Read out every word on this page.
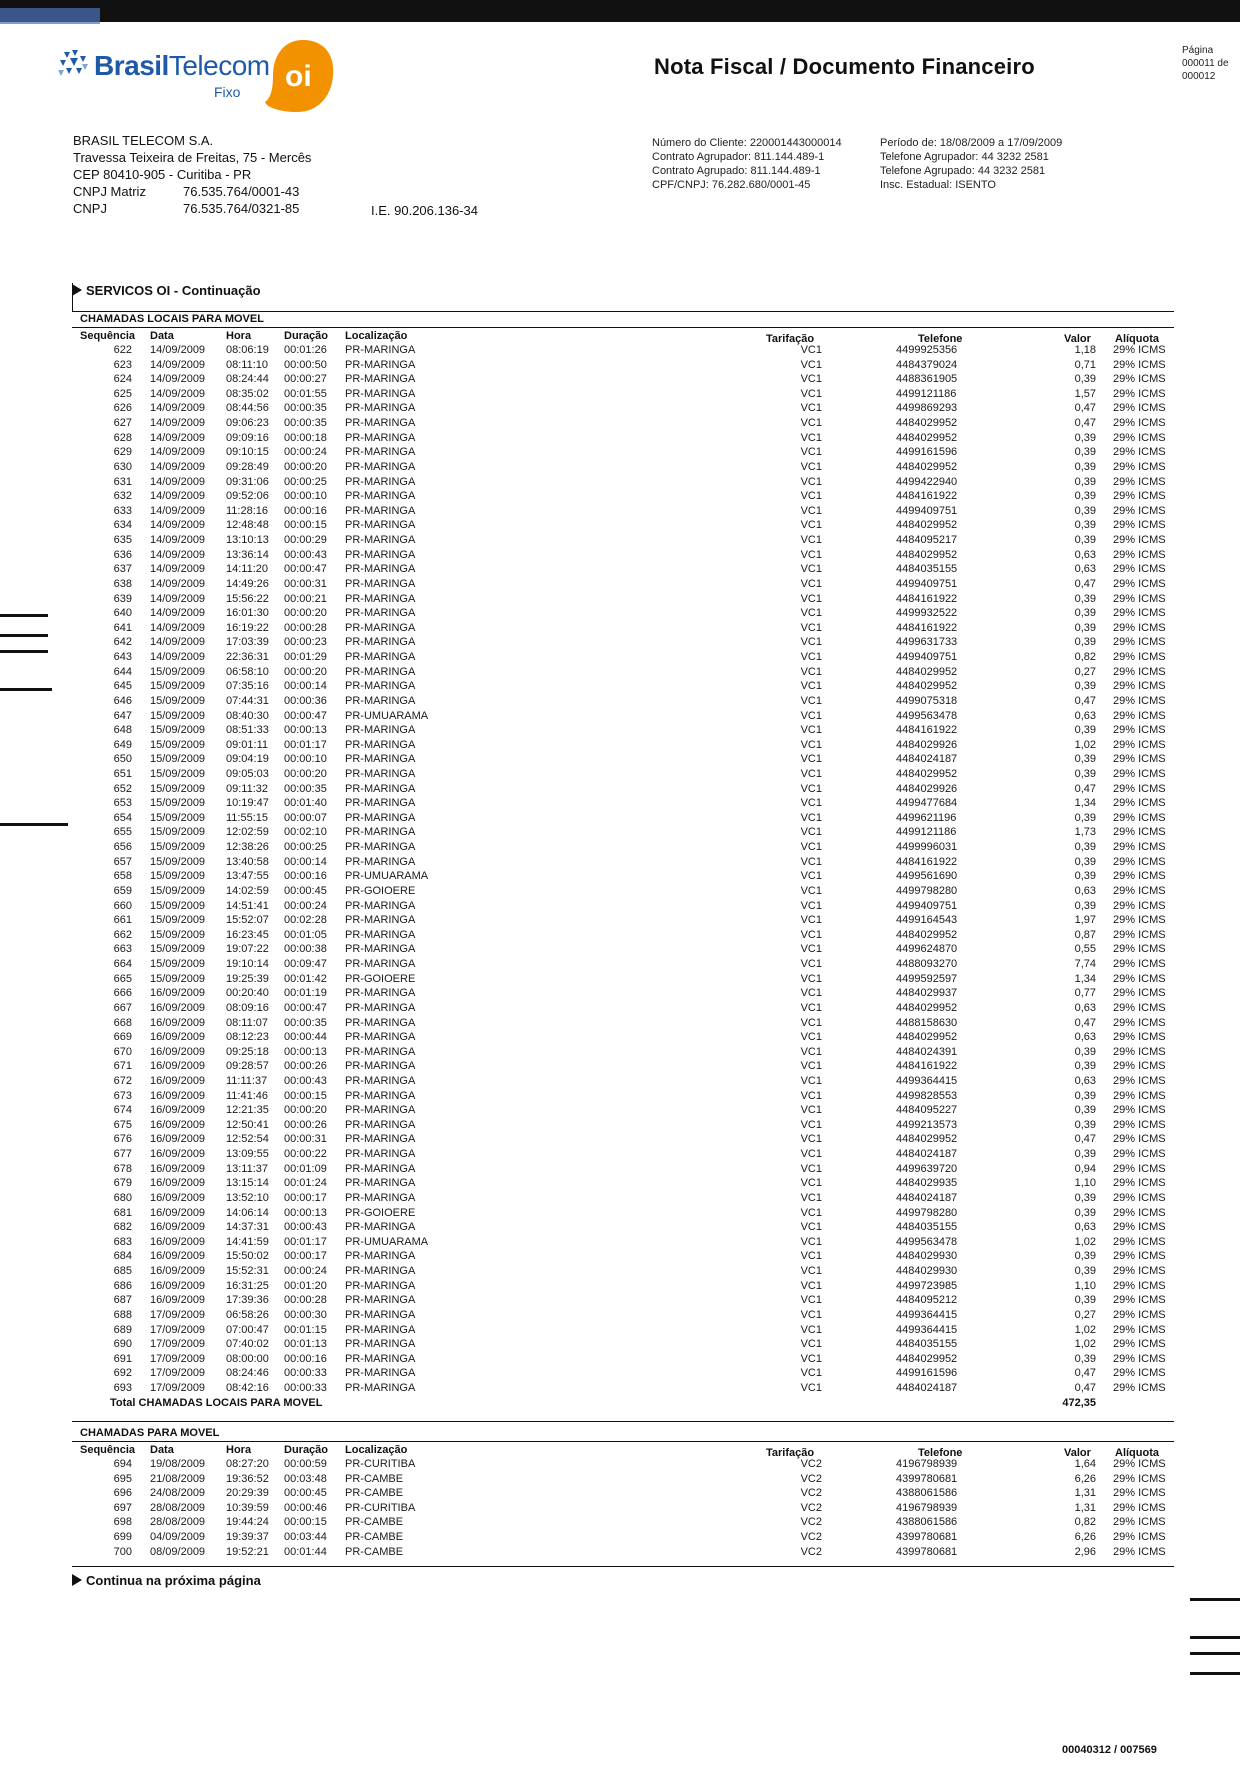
BrasilTelecom
Fixo oi	Nota Fiscal / Documento Financeiro
Página
000011 de
000012
BRASIL TELECOM S.A.
Travessa Teixeira de Freitas, 75 - Mercês
CEP 80410-905 - Curitiba - PR
CNPJ Matriz	76.535.764/0001-43
CNPJ	76.535.764/0321-85	I.E. 90.206.136-34
Número do Cliente: 220001443000014
Contrato Agrupador: 811.144.489-1
Contrato Agrupado: 811.144.489-1
CPF/CNPJ: 76.282.680/0001-45
Período de: 18/08/2009 a 17/09/2009
Telefone Agrupador: 44 3232 2581
Telefone Agrupado: 44 3232 2581
Insc. Estadual: ISENTO
SERVICOS OI - Continuação
CHAMADAS LOCAIS PARA MOVEL
Sequência Data	Hora	Duração Localização	Tarifação	Telefone	Valor Alíquota
622 14/09/2009 08:06:19 00:01:26 PR-MARINGA	VC1	4499925356	1,18 29% ICMS
623 14/09/2009 08:11:10 00:00:50 PR-MARINGA	VC1	4484379024	0,71 29% ICMS
624 14/09/2009 08:24:44 00:00:27 PR-MARINGA	VC1	4488361905	0,39 29% ICMS
625 14/09/2009 08:35:02 00:01:55 PR-MARINGA	VC1	4499121186	1,57 29% ICMS
626 14/09/2009 08:44:56 00:00:35 PR-MARINGA	VC1	4499869293	0,47 29% ICMS
627 14/09/2009 09:06:23 00:00:35 PR-MARINGA	VC1	4484029952	0,47 29% ICMS
628 14/09/2009 09:09:16 00:00:18 PR-MARINGA	VC1	4484029952	0,39 29% ICMS
629 14/09/2009 09:10:15 00:00:24 PR-MARINGA	VC1	4499161596	0,39 29% ICMS
630 14/09/2009 09:28:49 00:00:20 PR-MARINGA	VC1	4484029952	0,39 29% ICMS
631 14/09/2009 09:31:06 00:00:25 PR-MARINGA	VC1	4499422940	0,39 29% ICMS
632 14/09/2009 09:52:06 00:00:10 PR-MARINGA	VC1	4484161922	0,39 29% ICMS
633 14/09/2009 11:28:16 00:00:16 PR-MARINGA	VC1	4499409751	0,39 29% ICMS
634 14/09/2009 12:48:48 00:00:15 PR-MARINGA	VC1	4484029952	0,39 29% ICMS
635 14/09/2009 13:10:13 00:00:29 PR-MARINGA	VC1	4484095217	0,39 29% ICMS
636 14/09/2009 13:36:14 00:00:43 PR-MARINGA	VC1	4484029952	0,63 29% ICMS
637 14/09/2009 14:11:20 00:00:47 PR-MARINGA	VC1	4484035155	0,63 29% ICMS
638 14/09/2009 14:49:26 00:00:31 PR-MARINGA	VC1	4499409751	0,47 29% ICMS
639 14/09/2009 15:56:22 00:00:21 PR-MARINGA	VC1	4484161922	0,39 29% ICMS
640 14/09/2009 16:01:30 00:00:20 PR-MARINGA	VC1	4499932522	0,39 29% ICMS
641 14/09/2009 16:19:22 00:00:28 PR-MARINGA	VC1	4484161922	0,39 29% ICMS
642 14/09/2009 17:03:39 00:00:23 PR-MARINGA	VC1	4499631733	0,39 29% ICMS
643 14/09/2009 22:36:31 00:01:29 PR-MARINGA	VC1	4499409751	0,82 29% ICMS
644 15/09/2009 06:58:10 00:00:20 PR-MARINGA	VC1	4484029952	0,27 29% ICMS
645 15/09/2009 07:35:16 00:00:14 PR-MARINGA	VC1	4484029952	0,39 29% ICMS
646 15/09/2009 07:44:31 00:00:36 PR-MARINGA	VC1	4499075318	0,47 29% ICMS
647 15/09/2009 08:40:30 00:00:47 PR-UMUARAMA	VC1	4499563478	0,63 29% ICMS
648 15/09/2009 08:51:33 00:00:13 PR-MARINGA	VC1	4484161922	0,39 29% ICMS
649 15/09/2009 09:01:11 00:01:17 PR-MARINGA	VC1	4484029926	1,02 29% ICMS
650 15/09/2009 09:04:19 00:00:10 PR-MARINGA	VC1	4484024187	0,39 29% ICMS
651 15/09/2009 09:05:03 00:00:20 PR-MARINGA	VC1	4484029952	0,39 29% ICMS
652 15/09/2009 09:11:32 00:00:35 PR-MARINGA	VC1	4484029926	0,47 29% ICMS
653 15/09/2009 10:19:47 00:01:40 PR-MARINGA	VC1	4499477684	1,34 29% ICMS
654 15/09/2009 11:55:15 00:00:07 PR-MARINGA	VC1	4499621196	0,39 29% ICMS
655 15/09/2009 12:02:59 00:02:10 PR-MARINGA	VC1	4499121186	1,73 29% ICMS
656 15/09/2009 12:38:26 00:00:25 PR-MARINGA	VC1	4499996031	0,39 29% ICMS
657 15/09/2009 13:40:58 00:00:14 PR-MARINGA	VC1	4484161922	0,39 29% ICMS
658 15/09/2009 13:47:55 00:00:16 PR-UMUARAMA	VC1	4499561690	0,39 29% ICMS
659 15/09/2009 14:02:59 00:00:45 PR-GOIOERE	VC1	4499798280	0,63 29% ICMS
660 15/09/2009 14:51:41 00:00:24 PR-MARINGA	VC1	4499409751	0,39 29% ICMS
661 15/09/2009 15:52:07 00:02:28 PR-MARINGA	VC1	4499164543	1,97 29% ICMS
662 15/09/2009 16:23:45 00:01:05 PR-MARINGA	VC1	4484029952	0,87 29% ICMS
663 15/09/2009 19:07:22 00:00:38 PR-MARINGA	VC1	4499624870	0,55 29% ICMS
664 15/09/2009 19:10:14 00:09:47 PR-MARINGA	VC1	4488093270	7,74 29% ICMS
665 15/09/2009 19:25:39 00:01:42 PR-GOIOERE	VC1	4499592597	1,34 29% ICMS
666 16/09/2009 00:20:40 00:01:19 PR-MARINGA	VC1	4484029937	0,77 29% ICMS
667 16/09/2009 08:09:16 00:00:47 PR-MARINGA	VC1	4484029952	0,63 29% ICMS
668 16/09/2009 08:11:07 00:00:35 PR-MARINGA	VC1	4488158630	0,47 29% ICMS
669 16/09/2009 08:12:23 00:00:44 PR-MARINGA	VC1	4484029952	0,63 29% ICMS
670 16/09/2009 09:25:18 00:00:13 PR-MARINGA	VC1	4484024391	0,39 29% ICMS
671 16/09/2009 09:28:57 00:00:26 PR-MARINGA	VC1	4484161922	0,39 29% ICMS
672 16/09/2009 11:11:37 00:00:43 PR-MARINGA	VC1	4499364415	0,63 29% ICMS
673 16/09/2009 11:41:46 00:00:15 PR-MARINGA	VC1	4499828553	0,39 29% ICMS
674 16/09/2009 12:21:35 00:00:20 PR-MARINGA	VC1	4484095227	0,39 29% ICMS
675 16/09/2009 12:50:41 00:00:26 PR-MARINGA	VC1	4499213573	0,39 29% ICMS
676 16/09/2009 12:52:54 00:00:31 PR-MARINGA	VC1	4484029952	0,47 29% ICMS
677 16/09/2009 13:09:55 00:00:22 PR-MARINGA	VC1	4484024187	0,39 29% ICMS
678 16/09/2009 13:11:37 00:01:09 PR-MARINGA	VC1	4499639720	0,94 29% ICMS
679 16/09/2009 13:15:14 00:01:24 PR-MARINGA	VC1	4484029935	1,10 29% ICMS
680 16/09/2009 13:52:10 00:00:17 PR-MARINGA	VC1	4484024187	0,39 29% ICMS
681 16/09/2009 14:06:14 00:00:13 PR-GOIOERE	VC1	4499798280	0,39 29% ICMS
682 16/09/2009 14:37:31 00:00:43 PR-MARINGA	VC1	4484035155	0,63 29% ICMS
683 16/09/2009 14:41:59 00:01:17 PR-UMUARAMA	VC1	4499563478	1,02 29% ICMS
684 16/09/2009 15:50:02 00:00:17 PR-MARINGA	VC1	4484029930	0,39 29% ICMS
685 16/09/2009 15:52:31 00:00:24 PR-MARINGA	VC1	4484029930	0,39 29% ICMS
686 16/09/2009 16:31:25 00:01:20 PR-MARINGA	VC1	4499723985	1,10 29% ICMS
687 16/09/2009 17:39:36 00:00:28 PR-MARINGA	VC1	4484095212	0,39 29% ICMS
688 17/09/2009 06:58:26 00:00:30 PR-MARINGA	VC1	4499364415	0,27 29% ICMS
689 17/09/2009 07:00:47 00:01:15 PR-MARINGA	VC1	4499364415	1,02 29% ICMS
690 17/09/2009 07:40:02 00:01:13 PR-MARINGA	VC1	4484035155	1,02 29% ICMS
691 17/09/2009 08:00:00 00:00:16 PR-MARINGA	VC1	4484029952	0,39 29% ICMS
692 17/09/2009 08:24:46 00:00:33 PR-MARINGA	VC1	4499161596	0,47 29% ICMS
693 17/09/2009 08:42:16 00:00:33 PR-MARINGA	VC1	4484024187	0,47 29% ICMS
Total CHAMADAS LOCAIS PARA MOVEL	472,35
CHAMADAS PARA MOVEL
Sequência Data	Hora	Duração Localização	Tarifação	Telefone	Valor Alíquota
694 19/08/2009 08:27:20 00:00:59 PR-CURITIBA	VC2	4196798939	1,64 29% ICMS
695 21/08/2009 19:36:52 00:03:48 PR-CAMBE	VC2	4399780681	6,26 29% ICMS
696 24/08/2009 20:29:39 00:00:45 PR-CAMBE	VC2	4388061586	1,31 29% ICMS
697 28/08/2009 10:39:59 00:00:46 PR-CURITIBA	VC2	4196798939	1,31 29% ICMS
698 28/08/2009 19:44:24 00:00:15 PR-CAMBE	VC2	4388061586	0,82 29% ICMS
699 04/09/2009 19:39:37 00:03:44 PR-CAMBE	VC2	4399780681	6,26 29% ICMS
700 08/09/2009 19:52:21 00:01:44 PR-CAMBE	VC2	4399780681	2,96 29% ICMS
Continua na próxima página
00040312 / 007569
